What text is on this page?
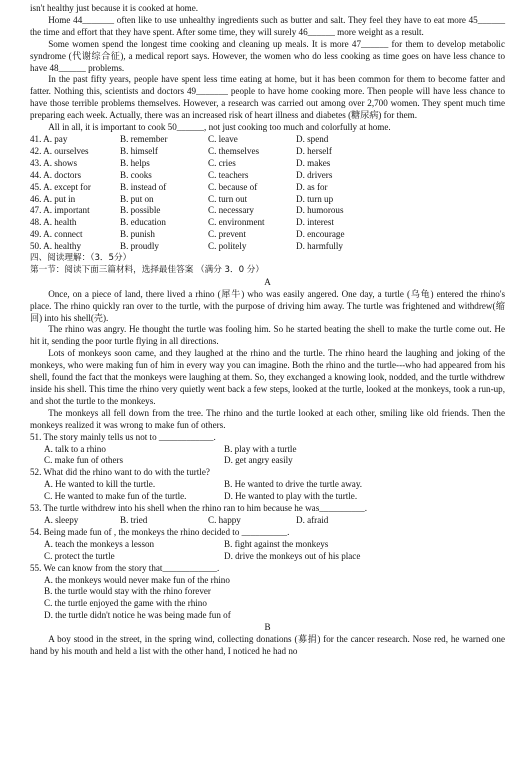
isn't healthy just because it is cooked at home.

Home 44_______ often like to use unhealthy ingredients such as butter and salt. They feel they have to eat more 45______ the time and effort that they have spent. After some time, they will surely 46______ more weight as a result.

Some women spend the longest time cooking and cleaning up meals. It is more 47______ for them to develop metabolic syndrome (代谢综合征), a medical report says. However, the women who do less cooking as time goes on have less chance to have 48______ problems.

In the past fifty years, people have spent less time eating at home, but it has been common for them to become fatter and fatter. Nothing this, scientists and doctors 49_______ people to have home cooking more. Then people will have less chance to have those terrible problems themselves. However, a research was carried out among over 2,700 women. They spent much time preparing each week. Actually, there was an increased risk of heart illness and diabetes (糖尿病) for them.

All in all, it is important to cook 50______, not just cooking too much and colorfully at home.

41. A. pay	B. remember	C. leave	D. spend
42. A. ourselves	B. himself	C. themselves	D. herself
43. A. shows	B. helps	C. cries	D. makes
44. A. doctors	B. cooks	C. teachers	D. drivers
45. A. except for	B. instead of	C. because of	D. as for
46. A. put in	B. put on	C. turn out	D. turn up
47. A. important	B. possible	C. necessary	D. humorous
48. A. health	B. education	C. environment	D. interest
49. A. connect	B. punish	C. prevent	D. encourage
50. A. healthy	B. proudly	C. politely	D. harmfully

四、阅读理解：（3．5分）

第一节：阅读下面三篇材料，选择最佳答案 （满分 3．0 分）

A

Once, on a piece of land, there lived a rhino (犀牛) who was easily angered. One day, a turtle (乌龟) entered the rhino's place. The rhino quickly ran over to the turtle, with the purpose of driving him away. The turtle was frightened and withdrew(缩回) into his shell(壳).

The rhino was angry. He thought the turtle was fooling him. So he started beating the shell to make the turtle come out. He hit it, sending the poor turtle flying in all directions.

Lots of monkeys soon came, and they laughed at the rhino and the turtle. The rhino heard the laughing and joking of the monkeys, who were making fun of him in every way you can imagine. Both the rhino and the turtle---who had appeared from his shell, found the fact that the monkeys were laughing at them. So, they exchanged a knowing look, nodded, and the turtle withdrew inside his shell. This time the rhino very quietly went back a few steps, looked at the turtle, looked at the monkeys, took a run-up, and shot the turtle to the monkeys.

The monkeys all fell down from the tree. The rhino and the turtle looked at each other, smiling like old friends. Then the monkeys realized it was wrong to make fun of others.

51. The story mainly tells us not to ____________.

A. talk to a rhino	B. play with a turtle
C. make fun of others	D. get angry easily

52. What did the rhino want to do with the turtle?

A. He wanted to kill the turtle.	B. He wanted to drive the turtle away.
C. He wanted to make fun of the turtle.	D. He wanted to play with the turtle.

53. The turtle withdrew into his shell when the rhino ran to him because he was__________.

A. sleepy	B. tried	C. happy	D. afraid

54. Being made fun of , the monkeys the rhino decided to __________.

A. teach the monkeys a lesson	B. fight against the monkeys
C. protect the turtle	D. drive the monkeys out of his place

55. We can know from the story that____________.

A. the monkeys would never make fun of the rhino

B. the turtle would stay with the rhino forever

C. the turtle enjoyed the game with the rhino

D. the turtle didn't notice he was being made fun of

B

A boy stood in the street, in the spring wind, collecting donations (募捐) for the cancer research. Nose red, he warned one hand by his mouth and held a list with the other hand, I noticed he had no
